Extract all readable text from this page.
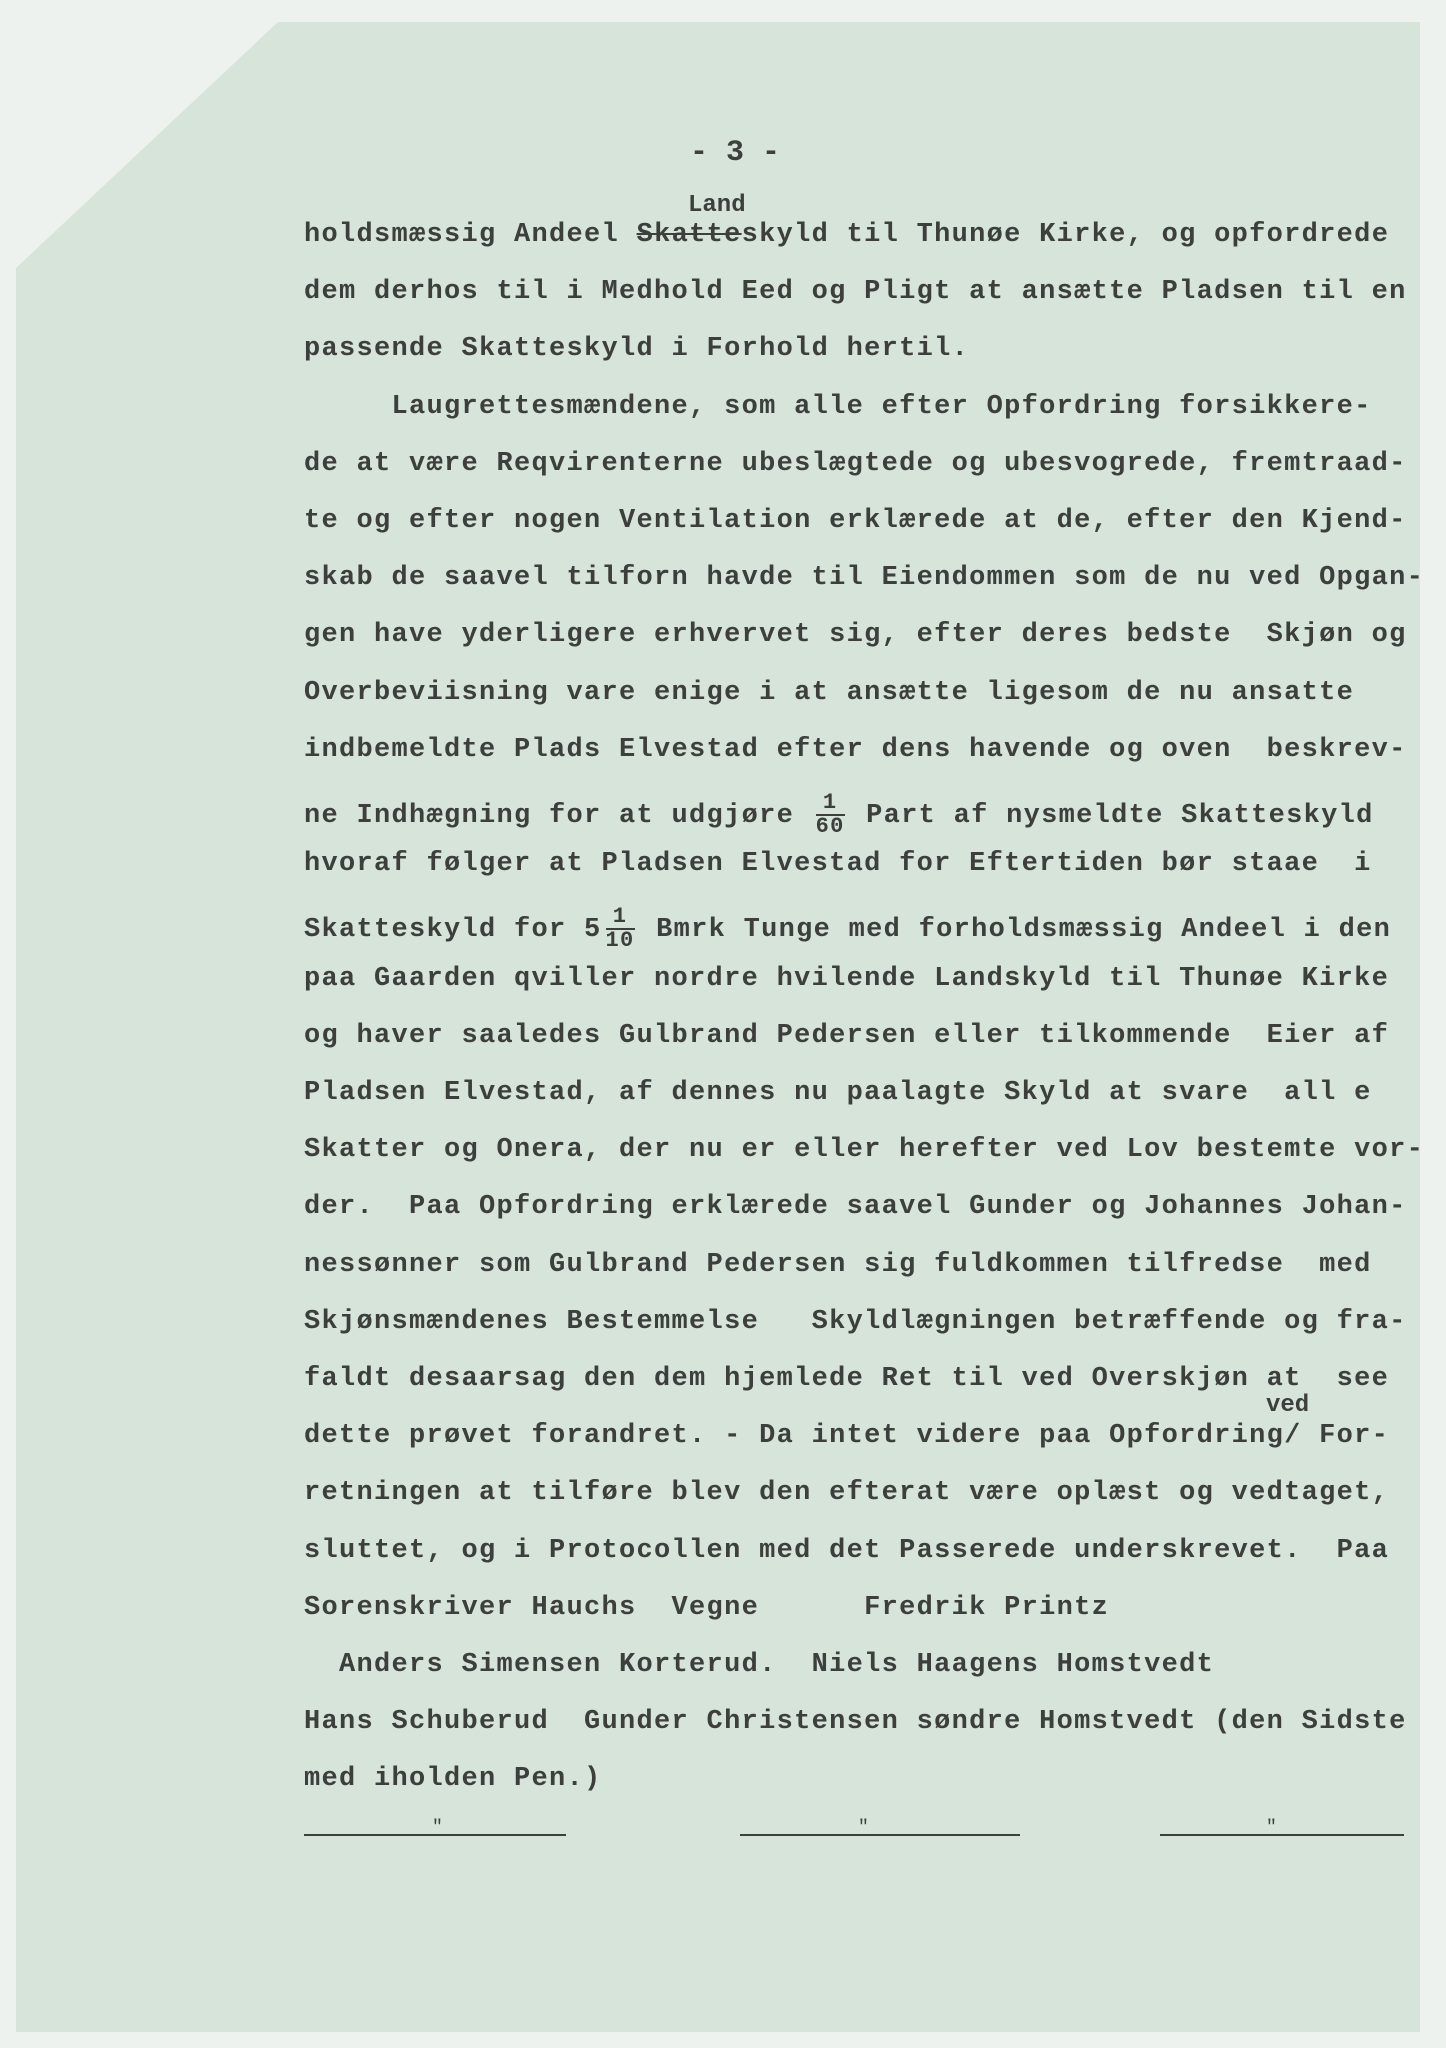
- 3 -
Land
ved
holdsmæssig Andeel Skatteskyld til Thunøe Kirke, og opfordrede
dem derhos til i Medhold Eed og Pligt at ansætte Pladsen til en
passende Skatteskyld i Forhold hertil.
Laugrettesmændene, som alle efter Opfordring forsikkere-
de at være Reqvirenterne ubeslægtede og ubesvogrede, fremtraad-
te og efter nogen Ventilation erklærede at de, efter den Kjend-
skab de saavel tilforn havde til Eiendommen som de nu ved Opgan-
gen have yderligere erhvervet sig, efter deres bedste  Skjøn og
Overbeviisning vare enige i at ansætte ligesom de nu ansatte
indbemeldte Plads Elvestad efter dens havende og oven  beskrev-
ne Indhægning for at udgjøre $\frac{1}{60}$ Part af nysmeldte Skatteskyld
hvoraf følger at Pladsen Elvestad for Eftertiden bør staae  i
Skatteskyld for $5 \frac{1}{10}$ Bmrk Tunge med forholdsmæssig Andeel i den
paa Gaarden qviller nordre hvilende Landskyld til Thunøe Kirke
og haver saaledes Gulbrand Pedersen eller tilkommende  Eier af
Pladsen Elvestad, af dennes nu paalagte Skyld at svare  all e
Skatter og Onera, der nu er eller herefter ved Lov bestemte vor-
der.  Paa Opfordring erklærede saavel Gunder og Johannes Johan-
nessønner som Gulbrand Pedersen sig fuldkommen tilfredse  med
Skjønsmændenes Bestemmelse   Skyldlægningen betræffende og fra-
faldt desaarsag den dem hjemlede Ret til ved Overskjøn at  see
dette prøvet forandret. - Da intet videre paa Opfordring/ For-
retningen at tilføre blev den efterat være oplæst og vedtaget,
sluttet, og i Protocollen med det Passerede underskrevet.  Paa
Sorenskriver Hauchs  Vegne      Fredrik Printz
Anders Simensen Korterud.  Niels Haagens Homstvedt
Hans Schuberud  Gunder Christensen søndre Homstvedt (den Sidste
med iholden Pen.)
"	"	"
